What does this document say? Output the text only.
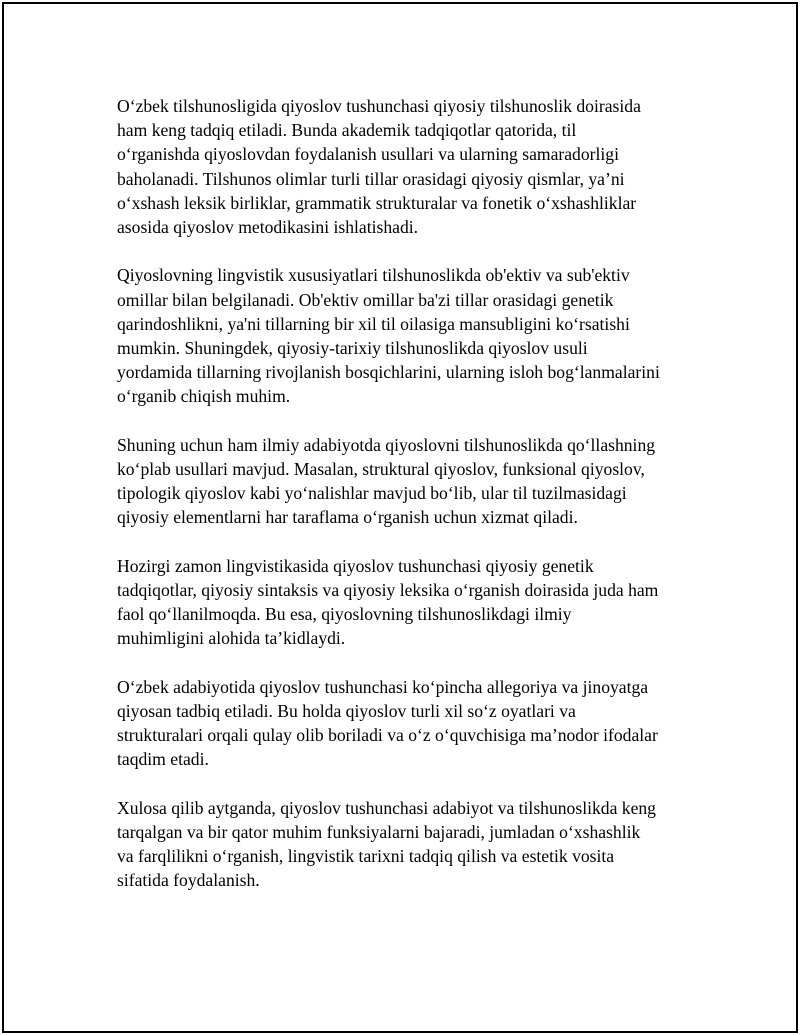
O‘zbek tilshunosligida qiyoslov tushunchasi qiyosiy tilshunoslik doirasida
ham keng tadqiq etiladi. Bunda akademik tadqiqotlar qatorida, til
o‘rganishda qiyoslovdan foydalanish usullari va ularning samaradorligi
baholanadi. Tilshunos olimlar turli tillar orasidagi qiyosiy qismlar, ya’ni
o‘xshash leksik birliklar, grammatik strukturalar va fonetik o‘xshashliklar
asosida qiyoslov metodikasini ishlatishadi.

Qiyoslovning lingvistik xususiyatlari tilshunoslikda ob'ektiv va sub'ektiv
omillar bilan belgilanadi. Ob'ektiv omillar ba'zi tillar orasidagi genetik
qarindoshlikni, ya'ni tillarning bir xil til oilasiga mansubligini ko‘rsatishi
mumkin. Shuningdek, qiyosiy-tarixiy tilshunoslikda qiyoslov usuli
yordamida tillarning rivojlanish bosqichlarini, ularning isloh bog‘lanmalarini
o‘rganib chiqish muhim.

Shuning uchun ham ilmiy adabiyotda qiyoslovni tilshunoslikda qo‘llashning
ko‘plab usullari mavjud. Masalan, struktural qiyoslov, funksional qiyoslov,
tipologik qiyoslov kabi yo‘nalishlar mavjud bo‘lib, ular til tuzilmasidagi
qiyosiy elementlarni har taraflama o‘rganish uchun xizmat qiladi.

Hozirgi zamon lingvistikasida qiyoslov tushunchasi qiyosiy genetik
tadqiqotlar, qiyosiy sintaksis va qiyosiy leksika o‘rganish doirasida juda ham
faol qo‘llanilmoqda. Bu esa, qiyoslovning tilshunoslikdagi ilmiy
muhimligini alohida ta’kidlaydi.

O‘zbek adabiyotida qiyoslov tushunchasi ko‘pincha allegoriya va jinoyatga
qiyosan tadbiq etiladi. Bu holda qiyoslov turli xil so‘z oyatlari va
strukturalari orqali qulay olib boriladi va o‘z o‘quvchisiga ma’nodor ifodalar
taqdim etadi.

Xulosa qilib aytganda, qiyoslov tushunchasi adabiyot va tilshunoslikda keng
tarqalgan va bir qator muhim funksiyalarni bajaradi, jumladan o‘xshashlik
va farqlilikni o‘rganish, lingvistik tarixni tadqiq qilish va estetik vosita
sifatida foydalanish.
